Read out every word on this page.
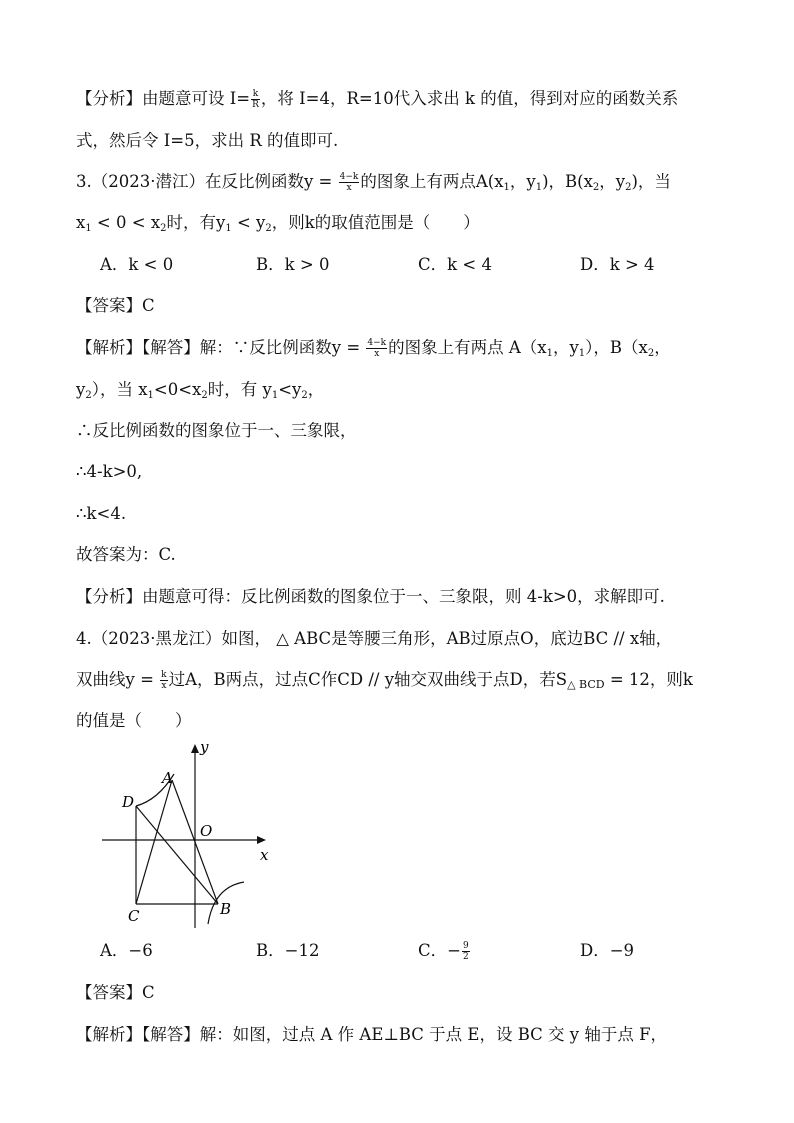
【分析】由题意可设 $I= \frac{k}{R}$ ，将 I=4，R=10代入求出 k 的值，得到对应的函数关系
式，然后令 I=5，求出 R 的值即可.
3.（2023·潜江）在反比例函数$y = \frac{4-k}{x}$ 的图象上有两点$A(x_1$，$y_1$)，$B(x_2$，$y_2$)，当
$x_1 < 0 < x_2$时，有$y_1 < y_2$，则k的取值范围是（　　）
A．k < 0	B．k > 0	C．k < 4	D．k > 4
【答案】C
【解析】【解答】解：∵反比例函数$y = \frac{4-k}{x}$ 的图象上有两点 $A(x_1$，$y_1$），$B(x_2$，
$y_2$），当 $x_1<0<x_2$时，有 $y_1<y_2$，
∴反比例函数的图象位于一、三象限，
∴4-k>0,
∴k<4.
故答案为：C.
【分析】由题意可得：反比例函数的图象位于一、三象限，则 4-k>0，求解即可.
4.（2023·黑龙江）如图， △ ABC是等腰三角形，AB过原点O，底边BC // x轴，
双曲线$y = \frac{k}{x}$ 过A，B两点，过点C作CD // y轴交双曲线于点D，若$S_{\triangle BCD} = 12$，则k
的值是（　　）
y
x
A
D
O
C	B
A．−6	B．−12	C．− $\frac{9}{2}$	D．−9
【答案】C
【解析】【解答】解：如图，过点 A 作 AE⊥BC 于点 E，设 BC 交 y 轴于点 F，
